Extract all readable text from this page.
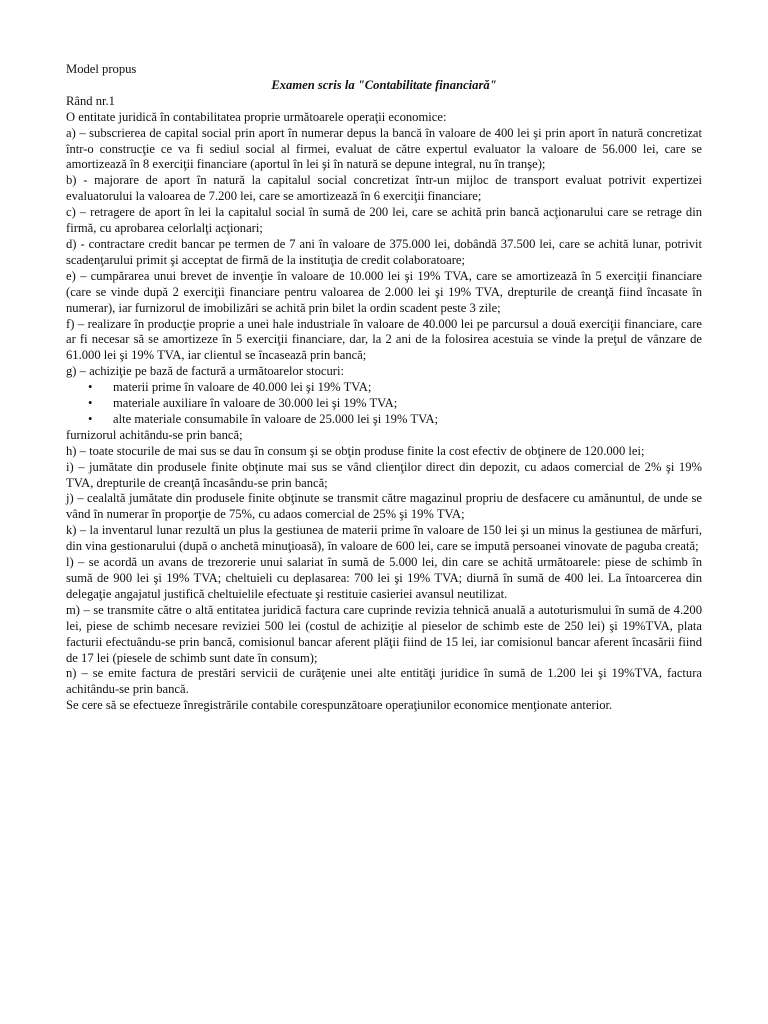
Model propus

Examen scris la "Contabilitate financiară"

Rând nr.1

O entitate juridică în contabilitatea proprie următoarele operaţii economice:

a) – subscrierea de capital social prin aport în numerar depus la bancă în valoare de 400 lei şi prin aport în natură concretizat într-o construcţie ce va fi sediul social al firmei, evaluat de către expertul evaluator la valoare de 56.000 lei, care se amortizează în 8 exerciţii financiare (aportul în lei şi în natură se depune integral, nu în tranşe);

b) - majorare de aport în natură la capitalul social concretizat într-un mijloc de transport evaluat potrivit expertizei evaluatorului la valoarea de 7.200 lei, care se amortizează în 6 exerciţii financiare;

c) – retragere de aport în lei la capitalul social în sumă de 200 lei, care se achită prin bancă acţionarului care se retrage din firmă, cu aprobarea celorlalţi acţionari;

d) - contractare credit bancar pe termen de 7 ani în valoare de 375.000 lei, dobândă 37.500 lei, care se achită lunar, potrivit scadenţarului primit şi acceptat de firmă de la instituţia de credit colaboratoare;

e) – cumpărarea unui brevet de invenţie în valoare de 10.000 lei şi 19% TVA, care se amortizează în 5 exerciţii financiare (care se vinde după 2 exerciţii financiare pentru valoarea de 2.000 lei şi 19% TVA, drepturile de creanţă fiind încasate în numerar), iar furnizorul de imobilizări se achită prin bilet la ordin scadent peste 3 zile;

f) – realizare în producţie proprie a unei hale industriale în valoare de 40.000 lei pe parcursul a două exerciţii financiare, care ar fi necesar să se amortizeze în 5 exerciţii financiare, dar, la 2 ani de la folosirea acestuia se vinde la preţul de vânzare de 61.000 lei şi 19% TVA, iar clientul se încasează prin bancă;

g) – achiziţie pe bază de factură a următoarelor stocuri:

• materii prime în valoare de 40.000 lei şi 19% TVA;
• materiale auxiliare în valoare de 30.000 lei şi 19% TVA;
• alte materiale consumabile în valoare de 25.000 lei şi 19% TVA;

furnizorul achitându-se prin bancă;

h) – toate stocurile de mai sus se dau în consum şi se obţin produse finite la cost efectiv de obţinere de 120.000 lei;

i) – jumătate din produsele finite obţinute mai sus se vând clienţilor direct din depozit, cu adaos comercial de 2% şi 19% TVA, drepturile de creanţă încasându-se prin bancă;

j) – cealaltă jumătate din produsele finite obţinute se transmit către magazinul propriu de desfacere cu amănuntul, de unde se vând în numerar în proporţie de 75%, cu adaos comercial de 25% şi 19% TVA;

k) – la inventarul lunar rezultă un plus la gestiunea de materii prime în valoare de 150 lei şi un minus la gestiunea de mărfuri, din vina gestionarului (după o anchetă minuţioasă), în valoare de 600 lei, care se impută persoanei vinovate de paguba creată;

l) – se acordă un avans de trezorerie unui salariat în sumă de 5.000 lei, din care se achită următoarele: piese de schimb în sumă de 900 lei şi 19% TVA; cheltuieli cu deplasarea: 700 lei şi 19% TVA; diurnă în sumă de 400 lei. La întoarcerea din delegaţie angajatul justifică cheltuielile efectuate şi restituie casieriei avansul neutilizat.

m) – se transmite către o altă entitatea juridică factura care cuprinde revizia tehnică anuală a autoturismului în sumă de 4.200 lei, piese de schimb necesare reviziei 500 lei (costul de achiziţie al pieselor de schimb este de 250 lei) şi 19%TVA, plata facturii efectuându-se prin bancă, comisionul bancar aferent plăţii fiind de 15 lei, iar comisionul bancar aferent încasării fiind de 17 lei (piesele de schimb sunt date în consum);

n) – se emite factura de prestări servicii de curăţenie unei alte entităţi juridice în sumă de 1.200 lei şi 19%TVA, factura achitându-se prin bancă.

Se cere să se efectueze înregistrările contabile corespunzătoare operaţiunilor economice menţionate anterior.
